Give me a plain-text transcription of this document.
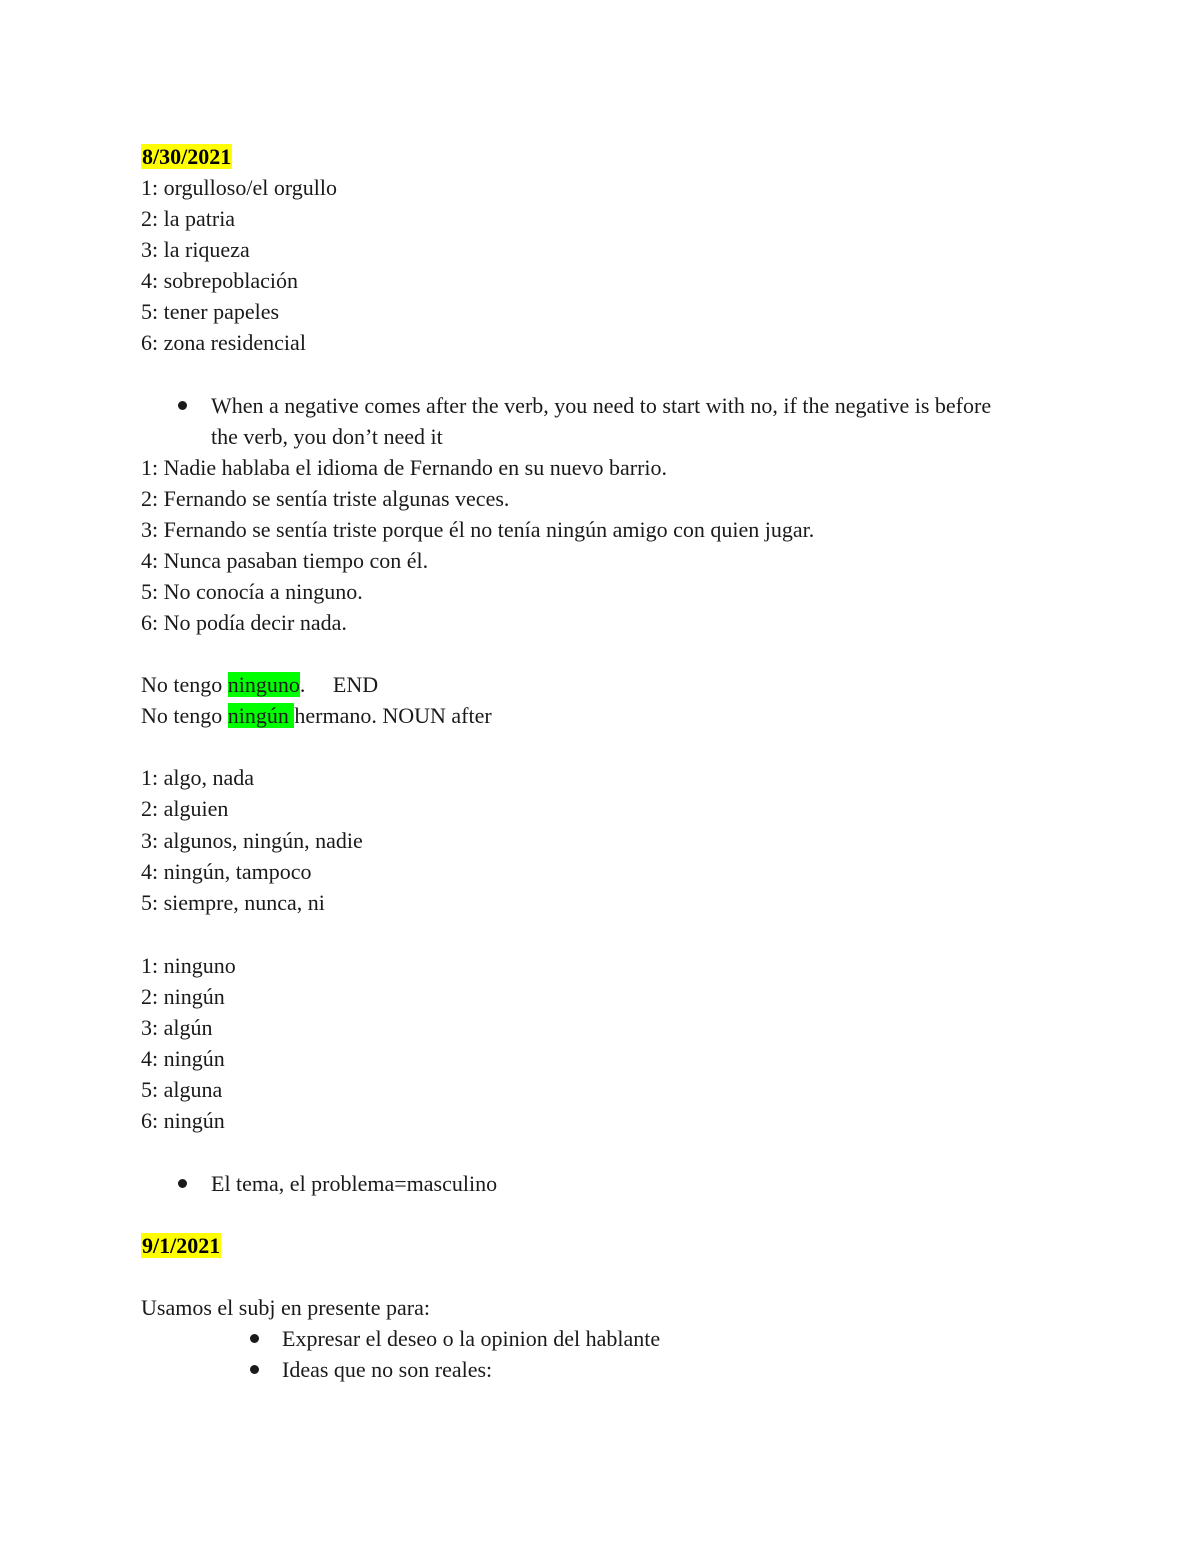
8/30/2021
1: orgulloso/el orgullo
2: la patria
3: la riqueza
4: sobrepoblación
5: tener papeles
6: zona residencial
When a negative comes after the verb, you need to start with no, if the negative is before
the verb, you don’t need it
1: Nadie hablaba el idioma de Fernando en su nuevo barrio.
2: Fernando se sentía triste algunas veces.
3: Fernando se sentía triste porque él no tenía ningún amigo con quien jugar.
4: Nunca pasaban tiempo con él.
5: No conocía a ninguno.
6: No podía decir nada.
No tengo ninguno.     END
No tengo ningún hermano. NOUN after
1: algo, nada
2: alguien
3: algunos, ningún, nadie
4: ningún, tampoco
5: siempre, nunca, ni
1: ninguno
2: ningún
3: algún
4: ningún
5: alguna
6: ningún
El tema, el problema=masculino
9/1/2021
Usamos el subj en presente para:
Expresar el deseo o la opinion del hablante
Ideas que no son reales:
